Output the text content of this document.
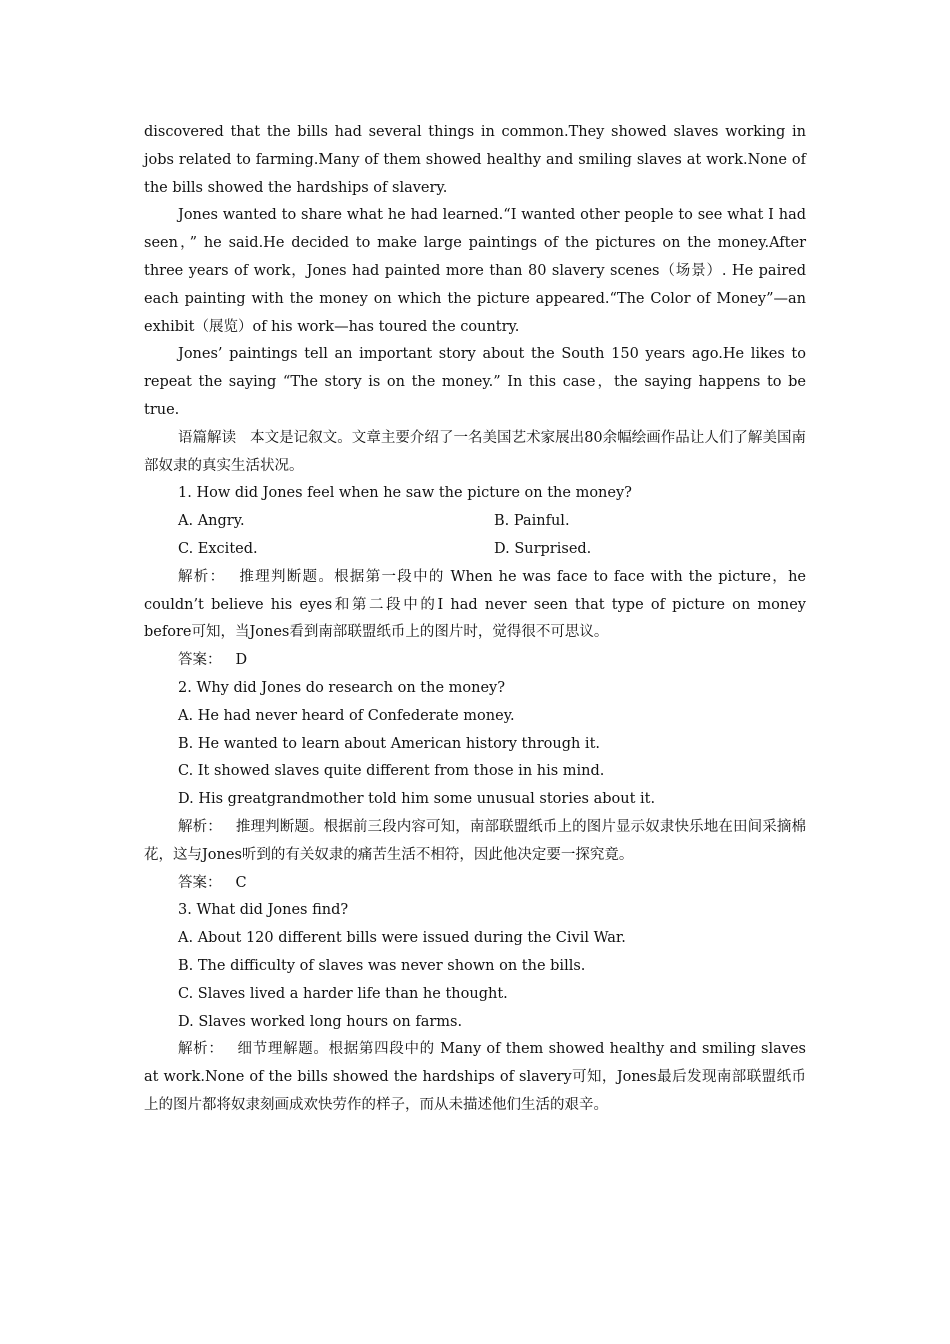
discovered that the bills had several things in common.They showed slaves working in jobs related to farming.Many of them showed healthy and smiling slaves at work.None of the bills showed the hardships of slavery.

Jones wanted to share what he had learned.“I wanted other people to see what I had seen，” he said.He decided to make large paintings of the pictures on the money.After three years of work，Jones had painted more than 80 slavery scenes（场景）. He paired each painting with the money on which the picture appeared.“The Color of Money”—an exhibit（展览）of his work—has toured the country.

Jones’ paintings tell an important story about the South 150 years ago.He likes to repeat the saying “The story is on the money.” In this case，the saying happens to be true.

语篇解读 本文是记叙文。文章主要介绍了一名美国艺术家展出80余幅绘画作品让人们了解美国南部奴隶的真实生活状况。

1. How did Jones feel when he saw the picture on the money?
A. Angry.	B. Painful.
C. Excited.	D. Surprised.

解析： 推理判断题。根据第一段中的 When he was face to face with the picture，he couldn’t believe his eyes和第二段中的I had never seen that type of picture on money before可知，当Jones看到南部联盟纸币上的图片时，觉得很不可思议。

答案： D
2. Why did Jones do research on the money?
A. He had never heard of Confederate money.
B. He wanted to learn about American history through it.
C. It showed slaves quite different from those in his mind.
D. His greatgrandmother told him some unusual stories about it.

解析： 推理判断题。根据前三段内容可知，南部联盟纸币上的图片显示奴隶快乐地在田间采摘棉花，这与Jones听到的有关奴隶的痛苦生活不相符，因此他决定要一探究竟。

答案： C
3. What did Jones find?
A. About 120 different bills were issued during the Civil War.
B. The difficulty of slaves was never shown on the bills.
C. Slaves lived a harder life than he thought.
D. Slaves worked long hours on farms.

解析： 细节理解题。根据第四段中的 Many of them showed healthy and smiling slaves at work.None of the bills showed the hardships of slavery可知，Jones最后发现南部联盟纸币上的图片都将奴隶刻画成欢快劳作的样子，而从未描述他们生活的艰辛。
